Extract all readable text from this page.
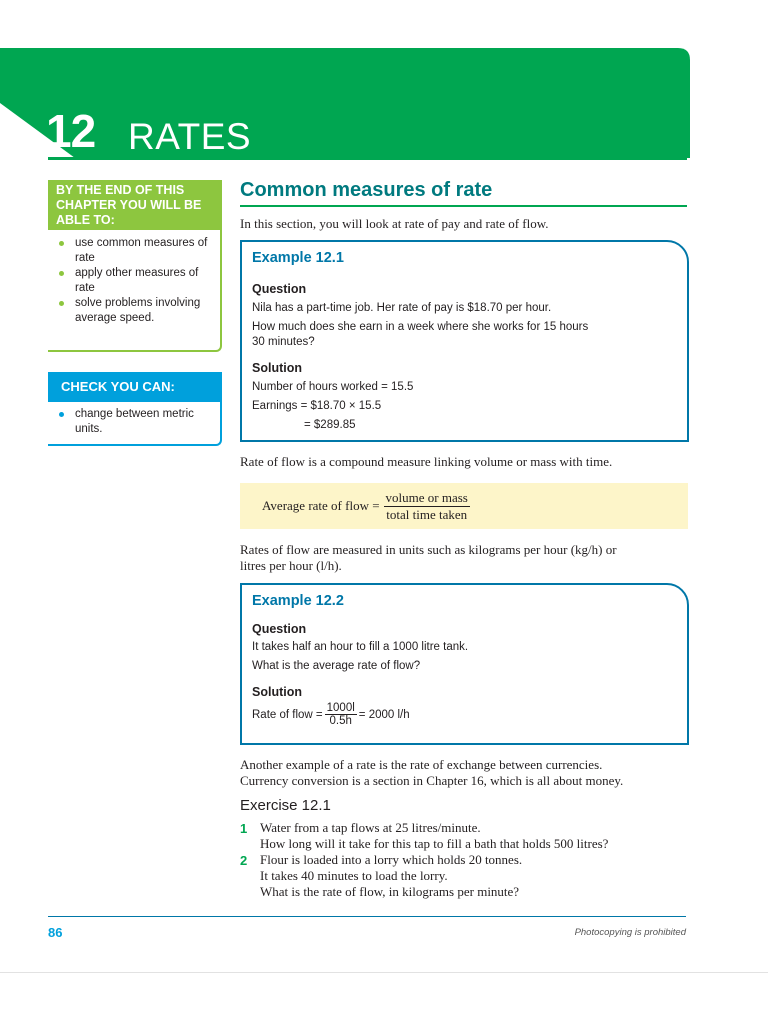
12 RATES
BY THE END OF THIS CHAPTER YOU WILL BE ABLE TO:
use common measures of rate
apply other measures of rate
solve problems involving average speed.
CHECK YOU CAN:
change between metric units.
Common measures of rate
In this section, you will look at rate of pay and rate of flow.
Example 12.1
Question
Nila has a part-time job. Her rate of pay is $18.70 per hour.
How much does she earn in a week where she works for 15 hours
30 minutes?
Solution
Number of hours worked = 15.5
Earnings = $18.70 × 15.5
= $289.85
Rate of flow is a compound measure linking volume or mass with time.
Average rate of flow = $\frac{\text{volume or mass}}{\text{total time taken}}$
Rates of flow are measured in units such as kilograms per hour (kg/h) or
litres per hour (l/h).
Example 12.2
Question
It takes half an hour to fill a 1000 litre tank.
What is the average rate of flow?
Solution
Rate of flow = $\frac{1000l}{0.5h} = 2000$ l/h
Another example of a rate is the rate of exchange between currencies.
Currency conversion is a section in Chapter 16, which is all about money.
Exercise 12.1
1 Water from a tap flows at 25 litres/minute.
How long will it take for this tap to fill a bath that holds 500 litres?
2 Flour is loaded into a lorry which holds 20 tonnes.
It takes 40 minutes to load the lorry.
What is the rate of flow, in kilograms per minute?
86	Photocopying is prohibited
